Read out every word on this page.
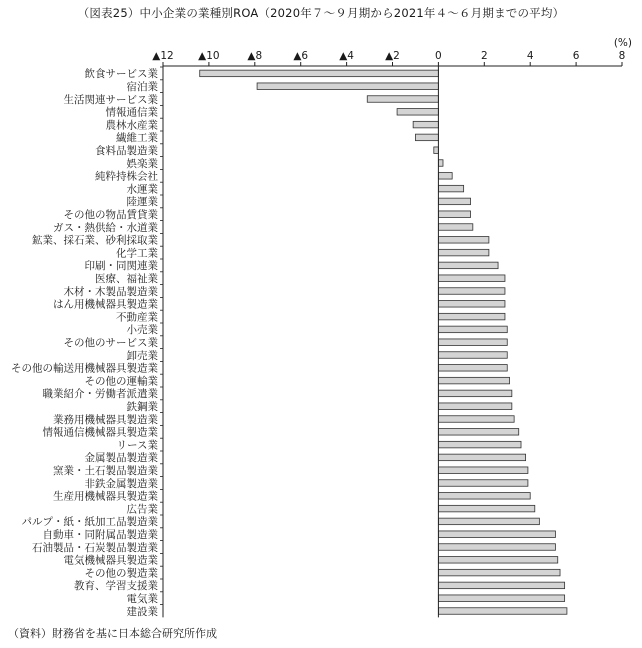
（図表25）中小企業の業種別ROA（2020年７～９月期から2021年４～６月期までの平均）
▲12 ▲10	▲8	▲6	▲4	▲2	0	2	4	6	8
(%)
飲食サービス業
宿泊業
生活関連サービス業
情報通信業
農林水産業
繊維工業
食料品製造業
娯楽業
純粋持株会社
水運業
陸運業
その他の物品賃貸業
ガス・熱供給・水道業
鉱業、採石業、砂利採取業
化学工業
印刷・同関連業
医療、福祉業
木材・木製品製造業
はん用機械器具製造業
不動産業
小売業
その他のサービス業
卸売業
その他の輸送用機械器具製造業
その他の運輸業
職業紹介・労働者派遣業
鉄鋼業
業務用機械器具製造業
情報通信機械器具製造業
リース業
金属製品製造業
窯業・土石製品製造業
非鉄金属製造業
生産用機械器具製造業
広告業
パルプ・紙・紙加工品製造業
自動車・同附属品製造業
石油製品・石炭製品製造業
電気機械器具製造業
その他の製造業
教育、学習支援業
電気業
建設業
（資料）財務省を基に日本総合研究所作成
